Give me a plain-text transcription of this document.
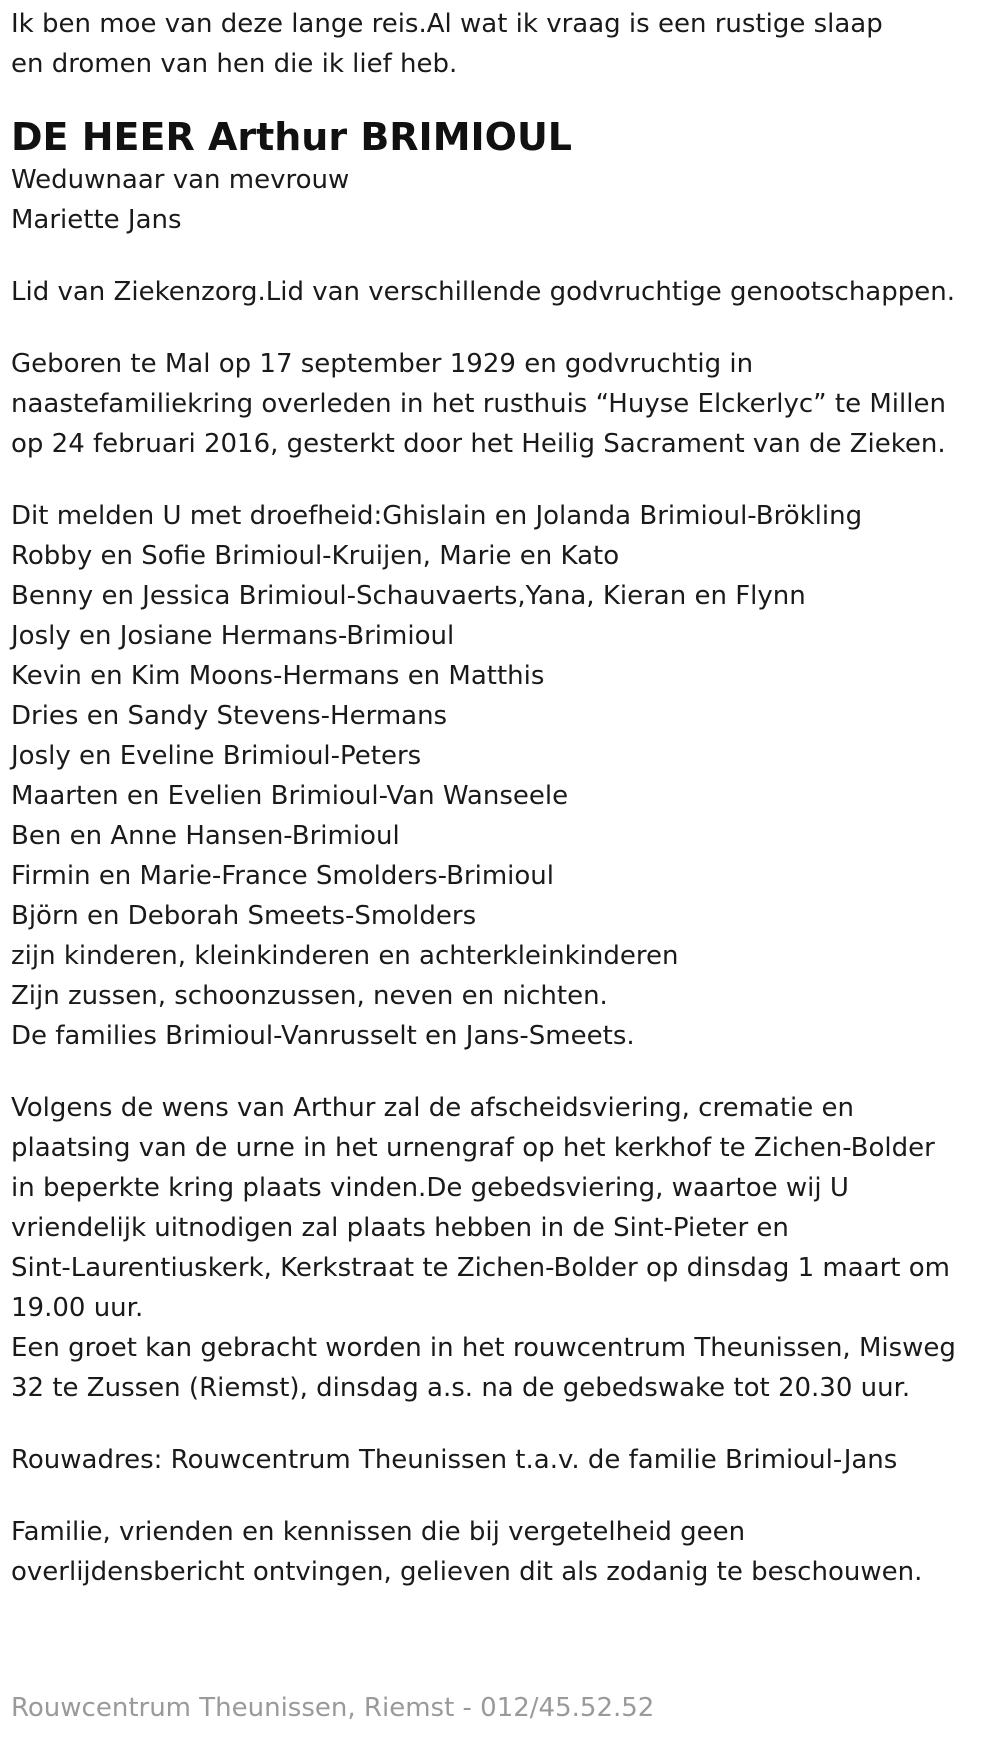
Ik ben moe van deze lange reis.Al wat ik vraag is een rustige slaap

en dromen van hen die ik lief heb.

DE HEER Arthur BRIMIOUL

Weduwnaar van mevrouw

Mariette Jans

Lid van Ziekenzorg.Lid van verschillende godvruchtige genootschappen.

Geboren te Mal op 17 september 1929 en godvruchtig in

naastefamiliekring overleden in het rusthuis “Huyse Elckerlyc” te Millen

op 24 februari 2016, gesterkt door het Heilig Sacrament van de Zieken.

Dit melden U met droefheid:Ghislain en Jolanda Brimioul-Brökling

Robby en Sofie Brimioul-Kruijen, Marie en Kato

Benny en Jessica Brimioul-Schauvaerts,Yana, Kieran en Flynn

Josly en Josiane Hermans-Brimioul

Kevin en Kim Moons-Hermans en Matthis

Dries en Sandy Stevens-Hermans

Josly en Eveline Brimioul-Peters

Maarten en Evelien Brimioul-Van Wanseele

Ben en Anne Hansen-Brimioul

Firmin en Marie-France Smolders-Brimioul

Björn en Deborah Smeets-Smolders

zijn kinderen, kleinkinderen en achterkleinkinderen

Zijn zussen, schoonzussen, neven en nichten.

De families Brimioul-Vanrusselt en Jans-Smeets.

Volgens de wens van Arthur zal de afscheidsviering, crematie en

plaatsing van de urne in het urnengraf op het kerkhof te Zichen-Bolder

in beperkte kring plaats vinden.De gebedsviering, waartoe wij U

vriendelijk uitnodigen zal plaats hebben in de Sint-Pieter en

Sint-Laurentiuskerk, Kerkstraat te Zichen-Bolder op dinsdag 1 maart om

19.00 uur.

Een groet kan gebracht worden in het rouwcentrum Theunissen, Misweg

32 te Zussen (Riemst), dinsdag a.s. na de gebedswake tot 20.30 uur.

Rouwadres: Rouwcentrum Theunissen t.a.v. de familie Brimioul-Jans

Familie, vrienden en kennissen die bij vergetelheid geen

overlijdensbericht ontvingen, gelieven dit als zodanig te beschouwen.

Rouwcentrum Theunissen, Riemst - 012/45.52.52
